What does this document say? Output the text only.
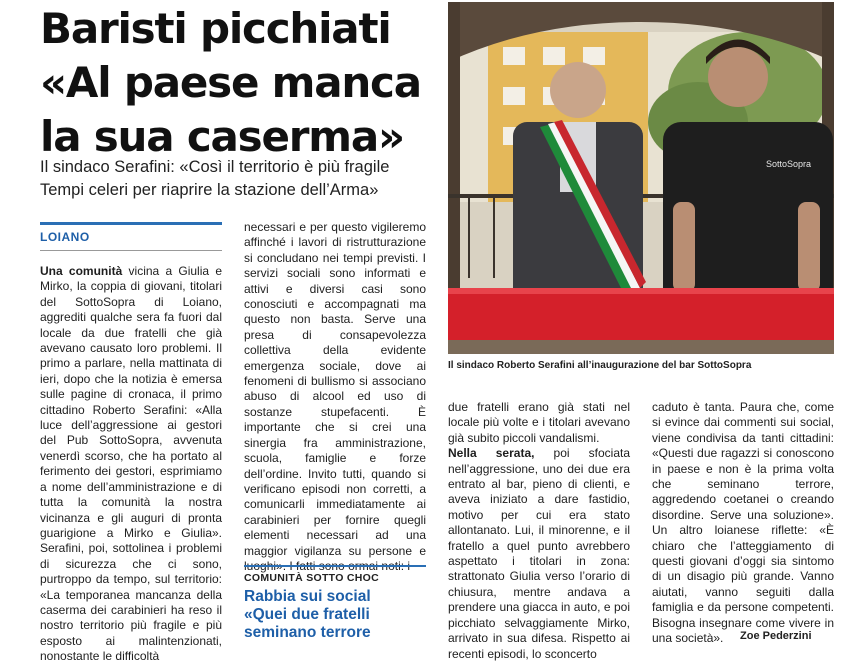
Baristi picchiati
«Al paese manca
la sua caserma»
Il sindaco Serafini: «Così il territorio è più fragile
Tempi celeri per riaprire la stazione dell’Arma»
SottoSopra
Il sindaco Roberto Serafini all’inaugurazione del bar SottoSopra
LOIANO

Una comunità vicina a Giulia e Mirko, la coppia di giovani, titolari del SottoSopra di Loiano, aggrediti qualche sera fa fuori dal locale da due fratelli che già avevano causato loro problemi. Il primo a parlare, nella mattinata di ieri, dopo che la notizia è emersa sulle pagine di cronaca, il primo cittadino Roberto Serafini: «Alla luce dell’aggressione ai gestori del Pub SottoSopra, avvenuta venerdì scorso, che ha portato al ferimento dei gestori, esprimiamo a nome dell’amministrazione e di tutta la comunità la nostra vicinanza e gli auguri di pronta guarigione a Mirko e Giulia». Serafini, poi, sottolinea i problemi di sicurezza che ci sono, purtroppo da tempo, sul territorio: «La temporanea mancanza della caserma dei carabinieri ha reso il nostro territorio più fragile e più esposto ai malintenzionati, nonostante le difficoltà

necessari e per questo vigileremo affinché i lavori di ristrutturazione si concludano nei tempi previsti. I servizi sociali sono informati e attivi e diversi casi sono conosciuti e accompagnati ma questo non basta. Serve una presa di consapevolezza collettiva della evidente emergenza sociale, dove ai fenomeni di bullismo si associano abuso di alcool ed uso di sostanze stupefacenti. È importante che si crei una sinergia fra amministrazione, scuola, famiglie e forze dell’ordine. Invito tutti, quando si verificano episodi non corretti, a comunicarli immediatamente ai carabinieri per fornire quegli elementi necessari ad una maggior vigilanza su persone e

due fratelli erano già stati nel locale più volte e i titolari avevano già subito piccoli vandalismi.

Nella serata, poi sfociata nell’aggressione, uno dei due era entrato al bar, pieno di clienti, e aveva iniziato a dare fastidio, motivo per cui era stato allontanato. Lui, il minorenne, e il fratello a quel punto avrebbero aspettato i titolari in zona: strattonato Giulia verso l’orario di chiusura, mentre andava a prendere una giacca in auto, e poi picchiato selvaggiamente Mirko, arrivato in sua difesa. Rispetto ai recenti episodi, lo sconcerto

caduto è tanta. Paura che, come si evince dai commenti sui social, viene condivisa da tanti cittadini: «Questi due ragazzi si conoscono in paese e non è la prima volta che seminano terrore, aggredendo coetanei o creando disordine. Serve una soluzione». Un altro loianese riflette: «È chiaro che l’atteggiamento di questi giovani d’oggi sia sintomo di un disagio più grande. Vanno aiutati, vanno seguiti dalla famiglia e da persone competenti. Bisogna insegnare come vivere in una società».

COMUNITÀ SOTTO CHOC
Rabbia sui social
«Quei due fratelli
seminano terrore	Zoe Pederzini
